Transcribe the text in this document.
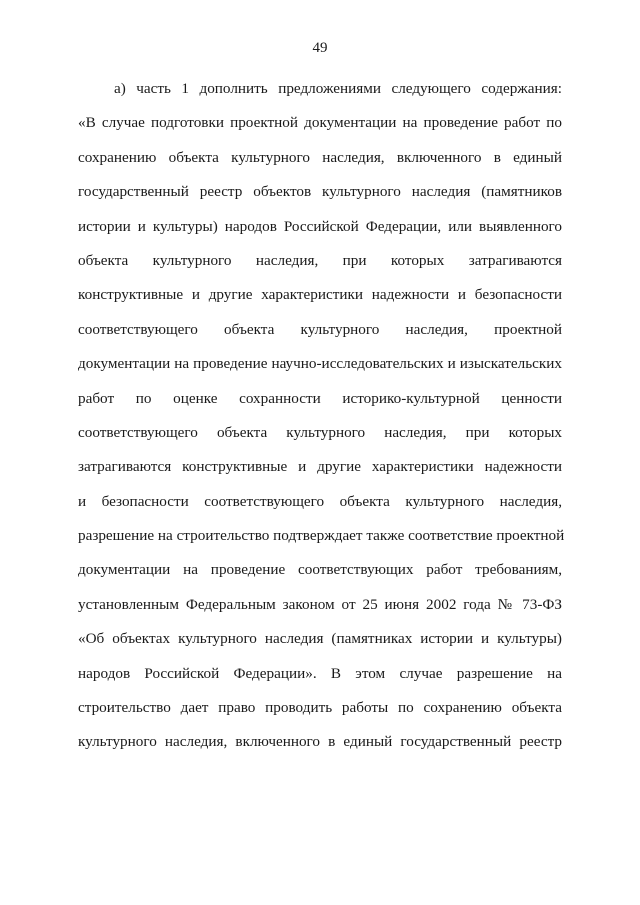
49
а) часть 1 дополнить предложениями следующего содержания:
«В случае подготовки проектной документации на проведение работ по
сохранению объекта культурного наследия, включенного в единый
государственный реестр объектов культурного наследия (памятников
истории и культуры) народов Российской Федерации, или выявленного
объекта культурного наследия, при которых затрагиваются
конструктивные и другие характеристики надежности и безопасности
соответствующего объекта культурного наследия, проектной
документации на проведение научно-исследовательских и изыскательских
работ по оценке сохранности историко-культурной ценности
соответствующего объекта культурного наследия, при которых
затрагиваются конструктивные и другие характеристики надежности
и безопасности соответствующего объекта культурного наследия,
разрешение на строительство подтверждает также соответствие проектной
документации на проведение соответствующих работ требованиям,
установленным Федеральным законом от 25 июня 2002 года № 73-ФЗ
«Об объектах культурного наследия (памятниках истории и культуры)
народов Российской Федерации». В этом случае разрешение на
строительство дает право проводить работы по сохранению объекта
культурного наследия, включенного в единый государственный реестр
